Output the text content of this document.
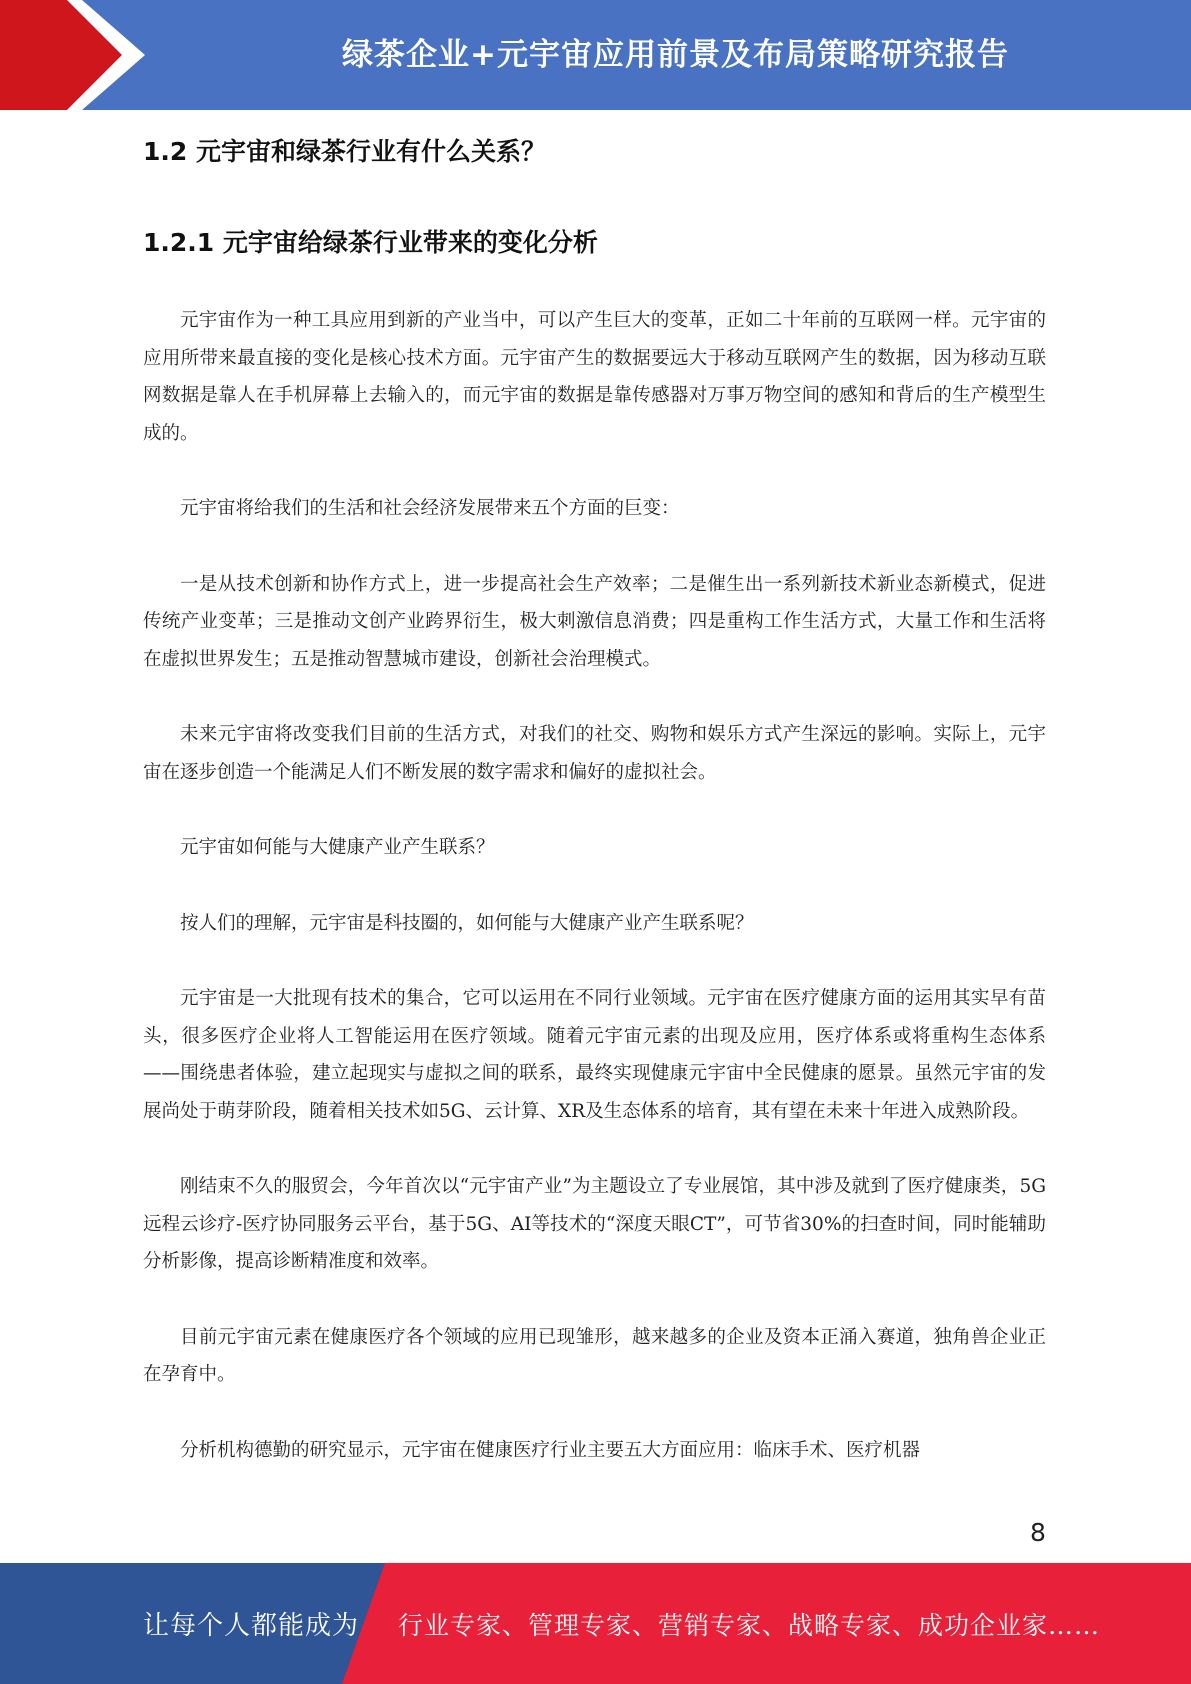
绿茶企业+元宇宙应用前景及布局策略研究报告
1.2 元宇宙和绿茶行业有什么关系？
1.2.1 元宇宙给绿茶行业带来的变化分析

元宇宙作为一种工具应用到新的产业当中，可以产生巨大的变革，正如二十年前的互联网一样。元宇宙的应用所带来最直接的变化是核心技术方面。元宇宙产生的数据要远大于移动互联网产生的数据，因为移动互联网数据是靠人在手机屏幕上去输入的，而元宇宙的数据是靠传感器对万事万物空间的感知和背后的生产模型生成的。

元宇宙将给我们的生活和社会经济发展带来五个方面的巨变：

一是从技术创新和协作方式上，进一步提高社会生产效率；二是催生出一系列新技术新业态新模式，促进传统产业变革；三是推动文创产业跨界衍生，极大刺激信息消费；四是重构工作生活方式，大量工作和生活将在虚拟世界发生；五是推动智慧城市建设，创新社会治理模式。

未来元宇宙将改变我们目前的生活方式，对我们的社交、购物和娱乐方式产生深远的影响。实际上，元宇宙在逐步创造一个能满足人们不断发展的数字需求和偏好的虚拟社会。

元宇宙如何能与大健康产业产生联系？

按人们的理解，元宇宙是科技圈的，如何能与大健康产业产生联系呢？

元宇宙是一大批现有技术的集合，它可以运用在不同行业领域。元宇宙在医疗健康方面的运用其实早有苗头，很多医疗企业将人工智能运用在医疗领域。随着元宇宙元素的出现及应用，医疗体系或将重构生态体系——围绕患者体验，建立起现实与虚拟之间的联系，最终实现健康元宇宙中全民健康的愿景。虽然元宇宙的发展尚处于萌芽阶段，随着相关技术如5G、云计算、XR及生态体系的培育，其有望在未来十年进入成熟阶段。

刚结束不久的服贸会，今年首次以“元宇宙产业”为主题设立了专业展馆，其中涉及就到了医疗健康类，5G远程云诊疗-医疗协同服务云平台，基于5G、AI等技术的“深度天眼CT”，可节省30%的扫查时间，同时能辅助分析影像，提高诊断精准度和效率。

目前元宇宙元素在健康医疗各个领域的应用已现雏形，越来越多的企业及资本正涌入赛道，独角兽企业正在孕育中。

分析机构德勤的研究显示，元宇宙在健康医疗行业主要五大方面应用：临床手术、医疗机器

8
让每个人都能成为 行业专家、管理专家、营销专家、战略专家、成功企业家……
